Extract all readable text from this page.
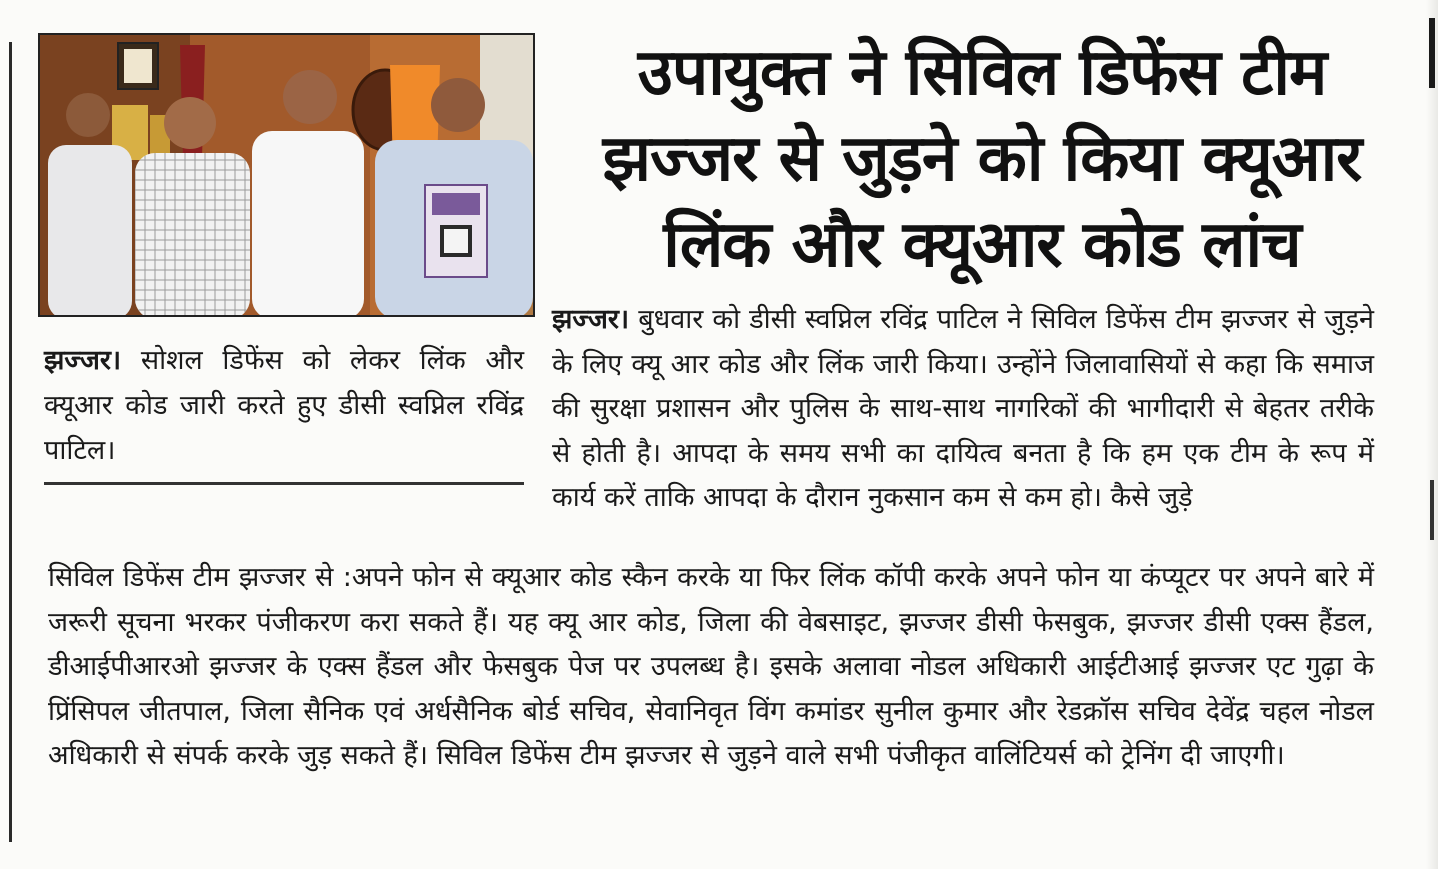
उपायुक्त ने सिविल डिफेंस टीम
झज्जर से जुड़ने को किया क्यूआर
लिंक और क्यूआर कोड लांच
झज्जर। सोशल डिफेंस को लेकर लिंक और क्यूआर कोड जारी करते हुए डीसी स्वप्निल रविंद्र पाटिल।
झज्जर। बुधवार को डीसी स्वप्निल रविंद्र पाटिल ने सिविल डिफेंस टीम झज्जर से जुड़ने के लिए क्यू आर कोड और लिंक जारी किया। उन्होंने जिलावासियों से कहा कि समाज की सुरक्षा प्रशासन और पुलिस के साथ-साथ नागरिकों की भागीदारी से बेहतर तरीके से होती है। आपदा के समय सभी का दायित्व बनता है कि हम एक टीम के रूप में कार्य करें ताकि आपदा के दौरान नुकसान कम से कम हो। कैसे जुड़े
सिविल डिफेंस टीम झज्जर से :अपने फोन से क्यूआर कोड स्कैन करके या फिर लिंक कॉपी करके अपने फोन या कंप्यूटर पर अपने बारे में जरूरी सूचना भरकर पंजीकरण करा सकते हैं। यह क्यू आर कोड, जिला की वेबसाइट, झज्जर डीसी फेसबुक, झज्जर डीसी एक्स हैंडल, डीआईपीआरओ झज्जर के एक्स हैंडल और फेसबुक पेज पर उपलब्ध है। इसके अलावा नोडल अधिकारी आईटीआई झज्जर एट गुढ़ा के प्रिंसिपल जीतपाल, जिला सैनिक एवं अर्धसैनिक बोर्ड सचिव, सेवानिवृत विंग कमांडर सुनील कुमार और रेडक्रॉस सचिव देवेंद्र चहल नोडल अधिकारी से संपर्क करके जुड़ सकते हैं। सिविल डिफेंस टीम झज्जर से जुड़ने वाले सभी पंजीकृत वालिंटियर्स को ट्रेनिंग दी जाएगी।
